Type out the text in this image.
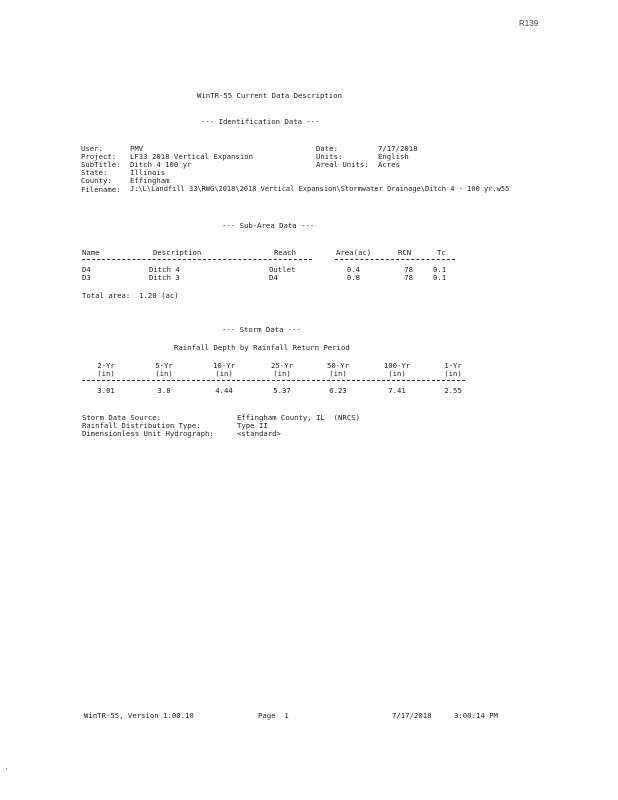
R139
WinTR-55 Current Data Description
--- Identification Data ---
User:	PMV
Project: LF33 2018 Vertical Expansion
SubTitle: Ditch 4 100 yr
State:	Illinois
County: Effingham
Date:	7/17/2018
Units:	English
Areal Units: Acres
Filename: J:\L\Landfill 33\RWG\2018\2018 Vertical Expansion\Stormwater Drainage\Ditch 4 - 100 yr.w55
--- Sub-Area Data ---
Name	Description	Reach	Area(ac)	RCN	Tc
D4	Ditch 4	Outlet	0.4	78	0.1
D3	Ditch 3	D4	0.8	78	0.1
Total area:  1.20 (ac)
--- Storm Data ---
Rainfall Depth by Rainfall Return Period
2-Yr	5-Yr	10-Yr	25-Yr	50-Yr	100-Yr	1-Yr
(in)	(in)	(in)	(in)	(in)	(in)	(in)
3.01	3.8	4.44	5.37	6.23	7.41	2.55
Storm Data Source:	Effingham County, IL  (NRCS)
Rainfall Distribution Type:	Type II
Dimensionless Unit Hydrograph:	<standard>
WinTR-55, Version 1.00.10	Page  1	7/17/2018	3:00:14 PM
